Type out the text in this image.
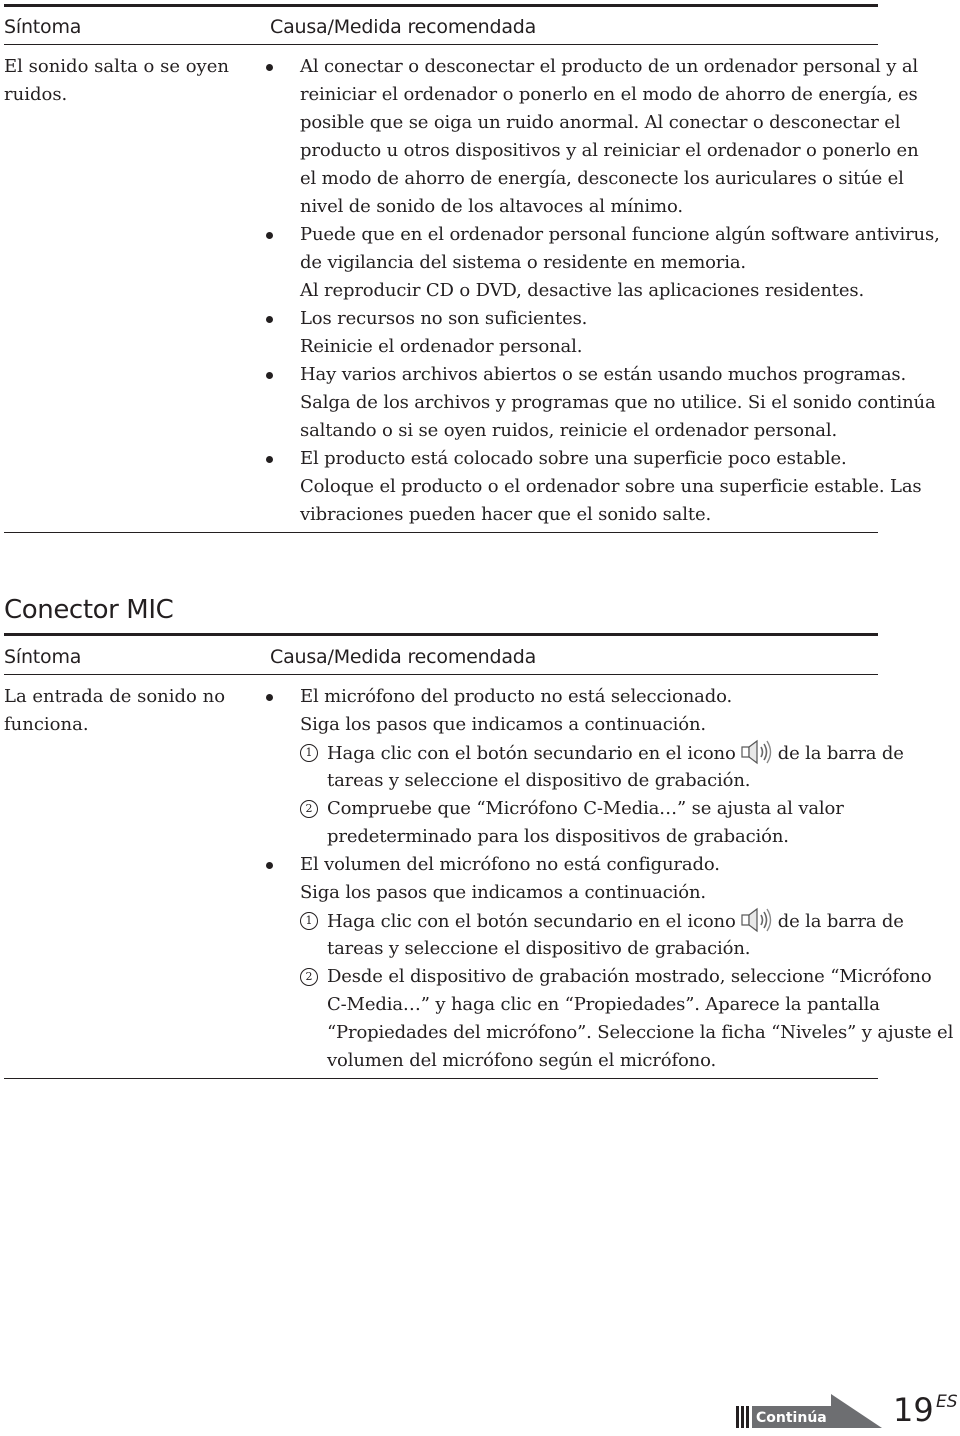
Síntoma	Causa/Medida recomendada
El sonido salta o se oyen
ruidos.
Al conectar o desconectar el producto de un ordenador personal y al
reiniciar el ordenador o ponerlo en el modo de ahorro de energía, es
posible que se oiga un ruido anormal. Al conectar o desconectar el
producto u otros dispositivos y al reiniciar el ordenador o ponerlo en
el modo de ahorro de energía, desconecte los auriculares o sitúe el
nivel de sonido de los altavoces al mínimo.
Puede que en el ordenador personal funcione algún software antivirus,
de vigilancia del sistema o residente en memoria.
Al reproducir CD o DVD, desactive las aplicaciones residentes.
Los recursos no son suficientes.
Reinicie el ordenador personal.
Hay varios archivos abiertos o se están usando muchos programas.
Salga de los archivos y programas que no utilice. Si el sonido continúa
saltando o si se oyen ruidos, reinicie el ordenador personal.
El producto está colocado sobre una superficie poco estable.
Coloque el producto o el ordenador sobre una superficie estable. Las
vibraciones pueden hacer que el sonido salte.
Conector MIC
Síntoma	Causa/Medida recomendada
La entrada de sonido no
funciona.
El micrófono del producto no está seleccionado.
Siga los pasos que indicamos a continuación.
1 Haga clic con el botón secundario en el icono de la barra de
tareas y seleccione el dispositivo de grabación.
2 Compruebe que “Micrófono C-Media…” se ajusta al valor
predeterminado para los dispositivos de grabación.
El volumen del micrófono no está configurado.
Siga los pasos que indicamos a continuación.
1 Haga clic con el botón secundario en el icono de la barra de
tareas y seleccione el dispositivo de grabación.
2 Desde el dispositivo de grabación mostrado, seleccione “Micrófono
C-Media…” y haga clic en “Propiedades”. Aparece la pantalla
“Propiedades del micrófono”. Seleccione la ficha “Niveles” y ajuste el
volumen del micrófono según el micrófono.
Continúa 19 ES
